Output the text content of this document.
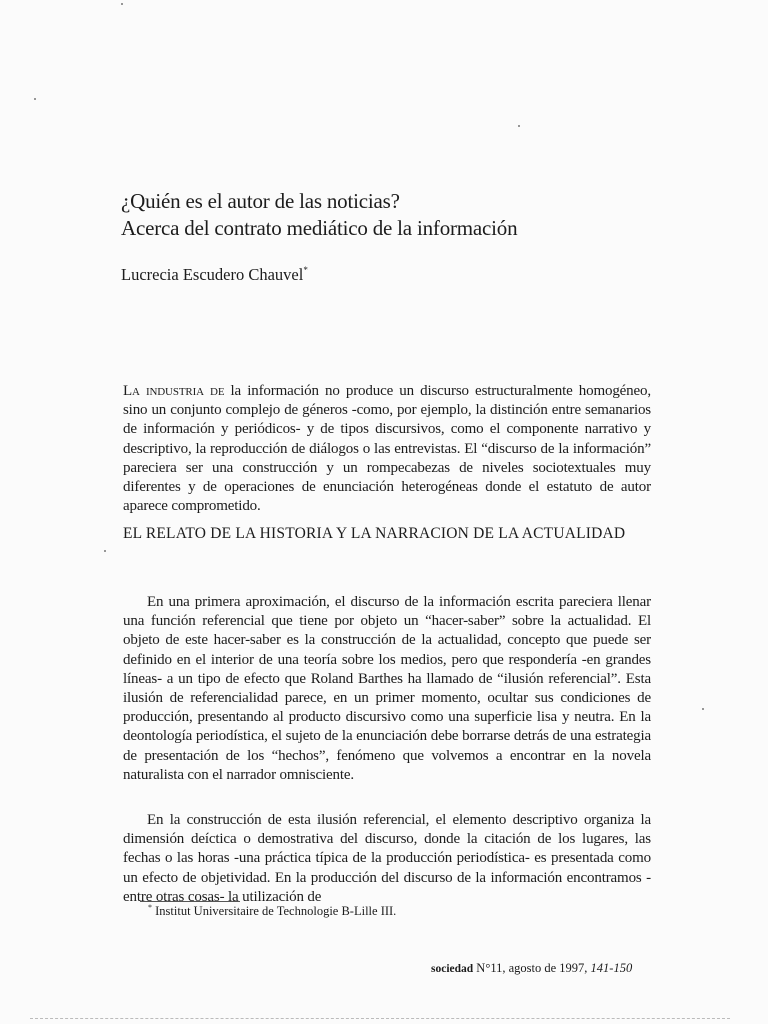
¿Quién es el autor de las noticias?
Acerca del contrato mediático de la información
Lucrecia Escudero Chauvel*

La industria de la información no produce un discurso estructuralmente homogéneo, sino un conjunto complejo de géneros -como, por ejemplo, la distinción entre semanarios de información y periódicos- y de tipos discursivos, como el componente narrativo y descriptivo, la reproducción de diálogos o las entrevistas. El “discurso de la información” pareciera ser una construcción y un rompecabezas de niveles sociotextuales muy diferentes y de operaciones de enunciación heterogéneas donde el estatuto de autor aparece comprometido.

EL RELATO DE LA HISTORIA Y LA NARRACION DE LA ACTUALIDAD

En una primera aproximación, el discurso de la información escrita pareciera llenar una función referencial que tiene por objeto un “hacer-saber” sobre la actualidad. El objeto de este hacer-saber es la construcción de la actualidad, concepto que puede ser definido en el interior de una teoría sobre los medios, pero que respondería -en grandes líneas- a un tipo de efecto que Roland Barthes ha llamado de “ilusión referencial”. Esta ilusión de referencialidad parece, en un primer momento, ocultar sus condiciones de producción, presentando al producto discursivo como una superficie lisa y neutra. En la deontología periodística, el sujeto de la enunciación debe borrarse detrás de una estrategia de presentación de los “hechos”, fenómeno que volvemos a encontrar en la novela naturalista con el narrador omnisciente.

En la construcción de esta ilusión referencial, el elemento descriptivo organiza la dimensión deíctica o demostrativa del discurso, donde la citación de los lugares, las fechas o las horas -una práctica típica de la producción periodística- es presentada como un efecto de objetividad. En la producción del discurso de la información encontramos -entre otras cosas- la utilización de

* Institut Universitaire de Technologie B-Lille III.
sociedad N°11, agosto de 1997, 141-150
